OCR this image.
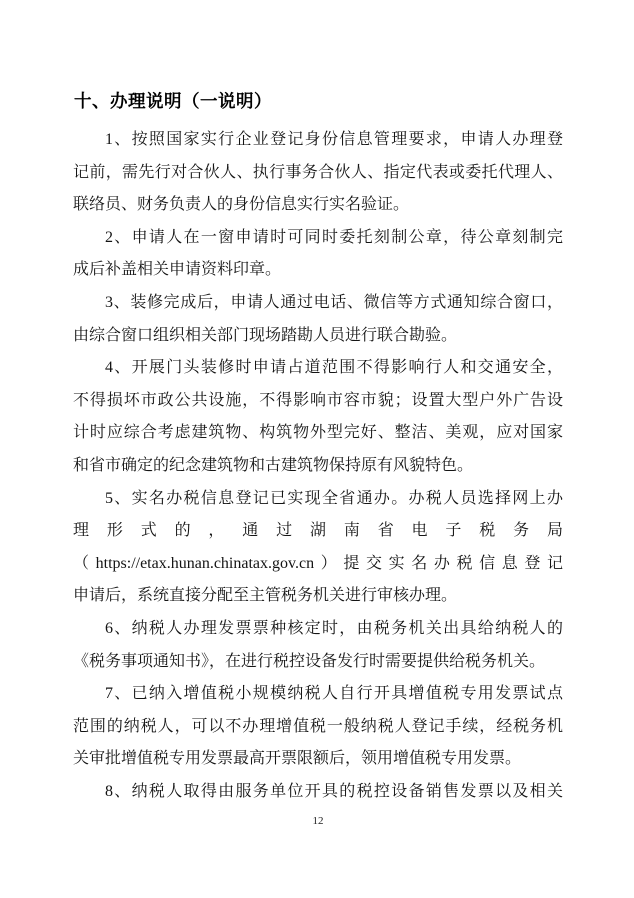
十、办理说明（一说明）
1、按照国家实行企业登记身份信息管理要求，申请人办理登
记前，需先行对合伙人、执行事务合伙人、指定代表或委托代理人、
联络员、财务负责人的身份信息实行实名验证。
2、申请人在一窗申请时可同时委托刻制公章，待公章刻制完
成后补盖相关申请资料印章。
3、装修完成后，申请人通过电话、微信等方式通知综合窗口，
由综合窗口组织相关部门现场踏勘人员进行联合勘验。
4、开展门头装修时申请占道范围不得影响行人和交通安全，
不得损坏市政公共设施，不得影响市容市貌；设置大型户外广告设
计时应综合考虑建筑物、构筑物外型完好、整洁、美观，应对国家
和省市确定的纪念建筑物和古建筑物保持原有风貌特色。
5、实名办税信息登记已实现全省通办。办税人员选择网上办
理形式的，通过湖南省电子税务局
（https://etax.hunan.chinatax.gov.cn）提交实名办税信息登记
申请后，系统直接分配至主管税务机关进行审核办理。
6、纳税人办理发票票种核定时，由税务机关出具给纳税人的
《税务事项通知书》，在进行税控设备发行时需要提供给税务机关。
7、已纳入增值税小规模纳税人自行开具增值税专用发票试点
范围的纳税人，可以不办理增值税一般纳税人登记手续，经税务机
关审批增值税专用发票最高开票限额后，领用增值税专用发票。
8、纳税人取得由服务单位开具的税控设备销售发票以及相关
12
